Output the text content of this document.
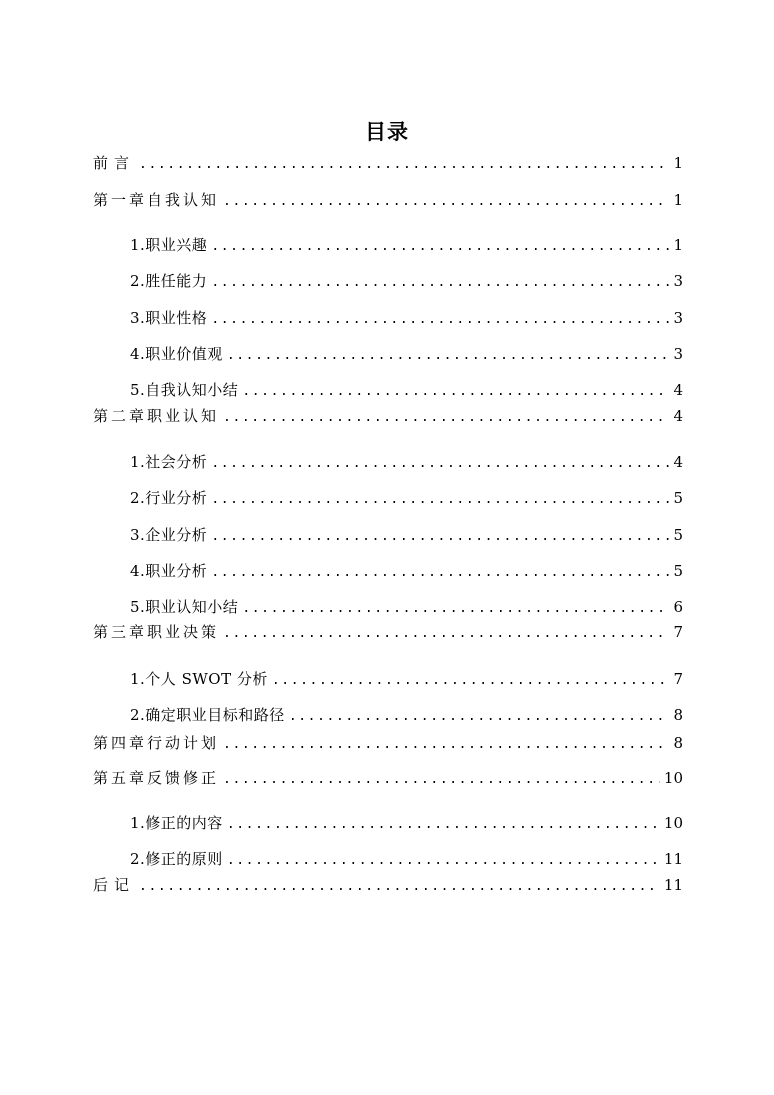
目录
前言 .....	1
第一章自我认知 .....	1
1.职业兴趣 .....	1
2.胜任能力 .....	3
3.职业性格 .....	3
4.职业价值观 .....	3
5.自我认知小结 .....	4
第二章职业认知 .....	4
1.社会分析 .....	4
2.行业分析 .....	5
3.企业分析 .....	5
4.职业分析 .....	5
5.职业认知小结 .....	6
第三章职业决策 .....	7
1.个人 SWOT 分析 .....	7
2.确定职业目标和路径 .....	8
第四章行动计划 .....	8
第五章反馈修正 .....	10
1.修正的内容 .....	10
2.修正的原则 .....	11
后记 .....	11
